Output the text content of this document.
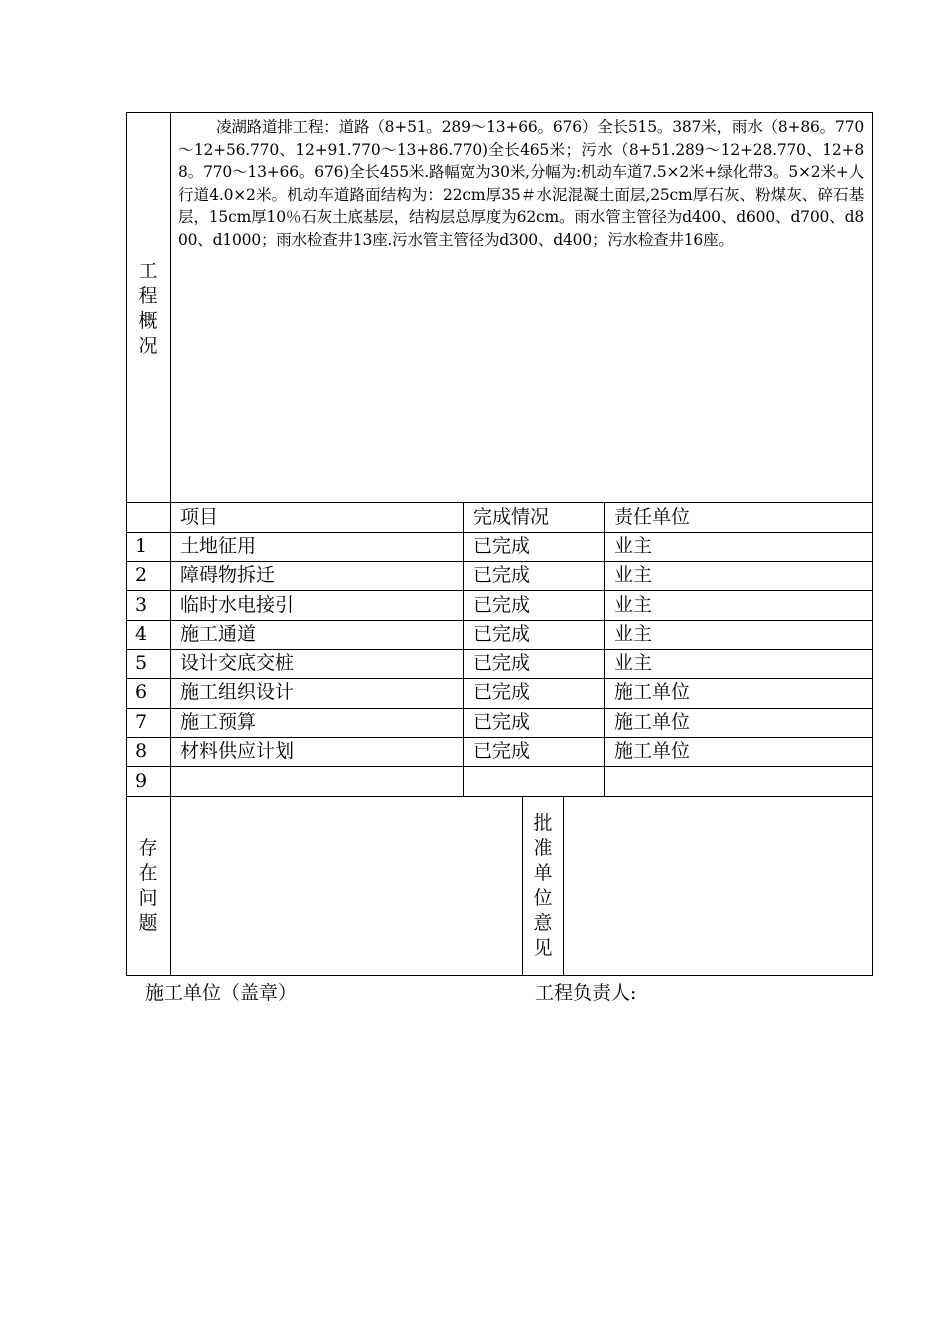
工
程
概
况
凌湖路道排工程：道路（8+51。289～13+66。676）全长515。387米，雨水（8+86。770～12+56.770、12+91.770～13+86.770)全长465米；污水（8+51.289～12+28.770、12+88。770～13+66。676)全长455米.路幅宽为30米,分幅为:机动车道7.5×2米+绿化带3。5×2米+人行道4.0×2米。机动车道路面结构为：22cm厚35＃水泥混凝土面层,25cm厚石灰、粉煤灰、碎石基层，15cm厚10％石灰土底基层，结构层总厚度为62cm。雨水管主管径为d400、d600、d700、d800、d1000；雨水检查井13座.污水管主管径为d300、d400；污水检查井16座。
项目	完成情况	责任单位
1 土地征用	已完成	业主
2 障碍物拆迁	已完成	业主
3 临时水电接引	已完成	业主
4 施工通道	已完成	业主
5 设计交底交桩	已完成	业主
6 施工组织设计	已完成	施工单位
7 施工预算	已完成	施工单位
8 材料供应计划	已完成	施工单位
9
存
在
问
题
批
准
单
位
意
见
施工单位（盖章）	工程负责人:
